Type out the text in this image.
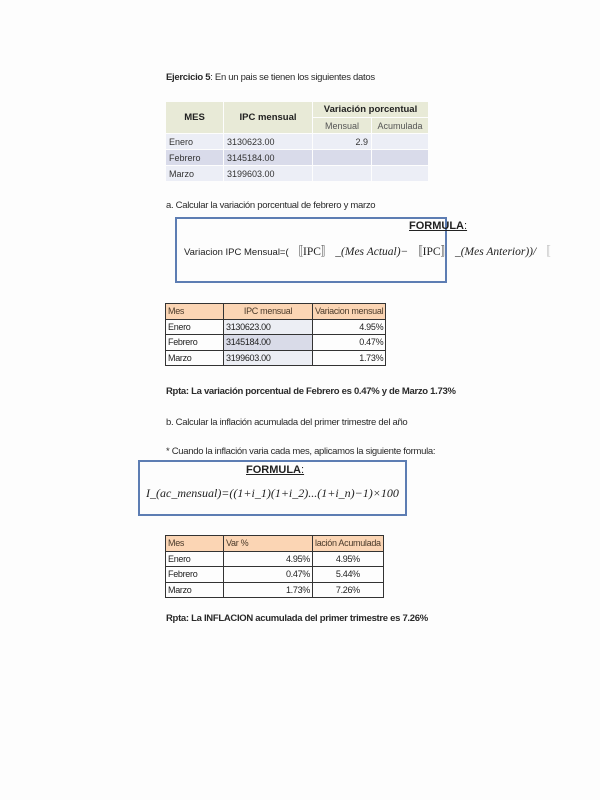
Ejercicio 5: En un pais se tienen los siguientes datos
MES	IPC mensual	Variación porcentual	
		Mensual	Acumulada
Enero	3130623.00	2.9	
Febrero	3145184.00		
Marzo	3199603.00		
a. Calcular la variación porcentual de febrero y marzo
FORMULA:
Variacion IPC Mensual=( 〚IPC〛 _(Mes Actual)− 〚IPC〛 _(Mes Anterior))/ 〚
Mes	IPC mensual	Variacion mensual
Enero	3130623.00	4.95%
Febrero	3145184.00	0.47%
Marzo	3199603.00	1.73%
Rpta: La variación porcentual de Febrero es 0.47% y de Marzo 1.73%
b. Calcular la inflación acumulada del primer trimestre del año
* Cuando la inflación varia cada mes, aplicamos la siguiente formula:
FORMULA:
I_(ac_mensual)=((1+i_1)(1+i_2)...(1+i_n)−1)×100
Mes	Var %	lación Acumulada
Enero	4.95%	4.95%
Febrero	0.47%	5.44%
Marzo	1.73%	7.26%
Rpta: La INFLACION acumulada del primer trimestre es 7.26%
